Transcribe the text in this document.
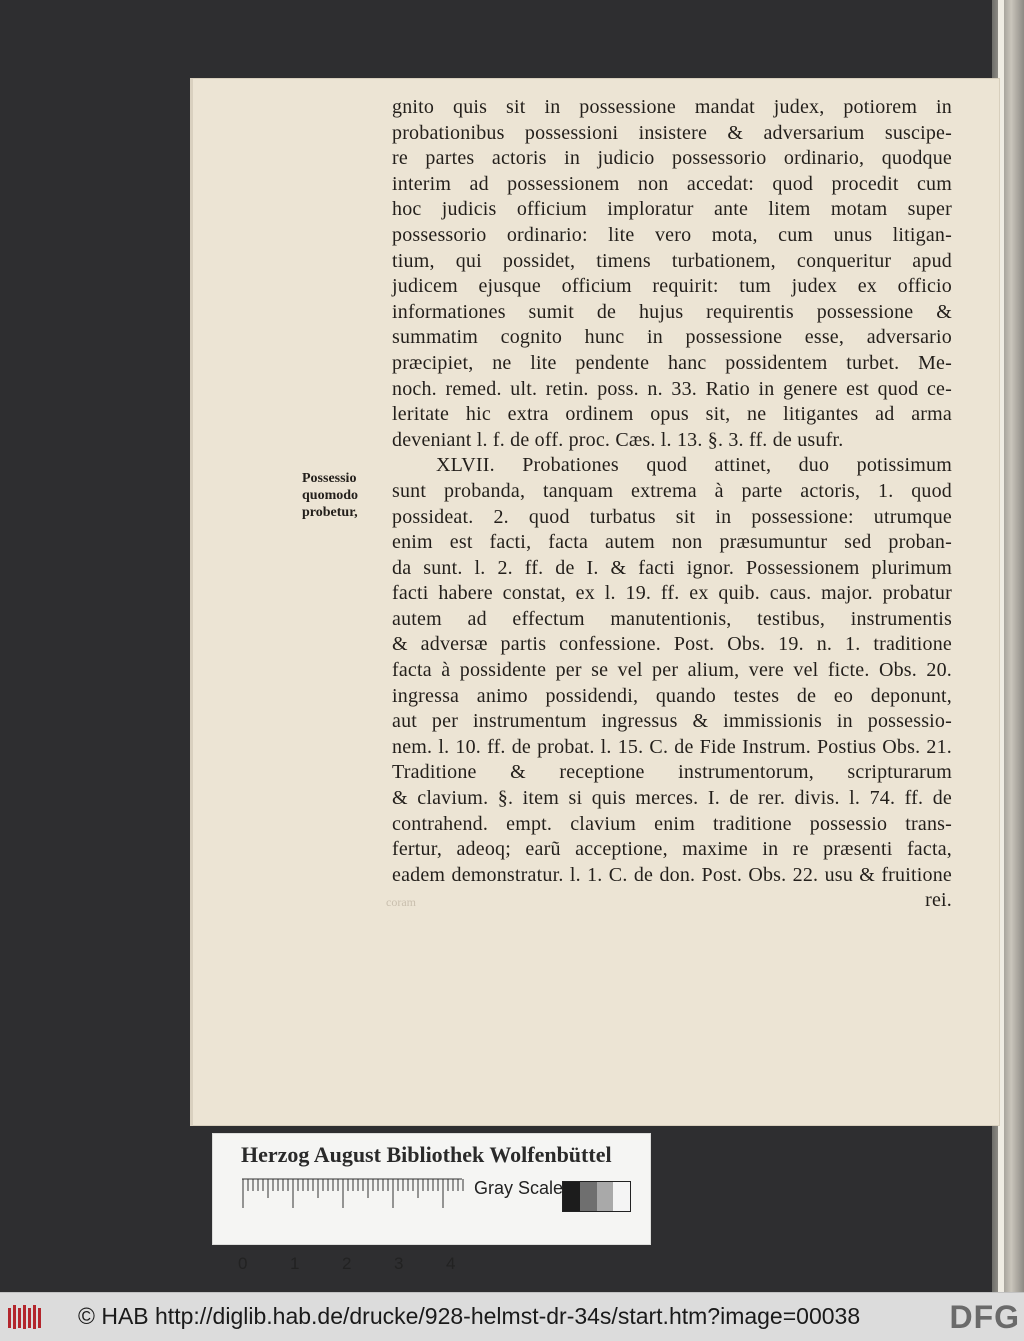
Possessio
quomodo
probetur,
gnito quis sit in possessione mandat judex, potiorem in
probationibus possessioni insistere & adversarium suscipe-
re partes actoris in judicio possessorio ordinario, quodque
interim ad possessionem non accedat: quod procedit cum
hoc judicis officium imploratur ante litem motam super
possessorio ordinario: lite vero mota, cum unus litigan-
tium, qui possidet, timens turbationem, conqueritur apud
judicem ejusque officium requirit: tum judex ex officio
informationes sumit de hujus requirentis possessione &
summatim cognito hunc in possessione esse, adversario
præcipiet, ne lite pendente hanc possidentem turbet. Me-
noch. remed. ult. retin. poss. n. 33. Ratio in genere est quod ce-
leritate hic extra ordinem opus sit, ne litigantes ad arma
deveniant l. f. de off. proc. Cæs. l. 13. §. 3. ff. de usufr.
XLVII. Probationes quod attinet, duo potissimum
sunt probanda, tanquam extrema à parte actoris, 1. quod
possideat. 2. quod turbatus sit in possessione: utrumque
enim est facti, facta autem non præsumuntur sed proban-
da sunt. l. 2. ff. de I. & facti ignor. Possessionem plurimum
facti habere constat, ex l. 19. ff. ex quib. caus. major. probatur
autem ad effectum manutentionis, testibus, instrumentis
& adversæ partis confessione. Post. Obs. 19. n. 1. traditione
facta à possidente per se vel per alium, vere vel ficte. Obs. 20.
ingressa animo possidendi, quando testes de eo deponunt,
aut per instrumentum ingressus & immissionis in possessio-
nem. l. 10. ff. de probat. l. 15. C. de Fide Instrum. Postius Obs. 21.
Traditione & receptione instrumentorum, scripturarum
& clavium. §. item si quis merces. I. de rer. divis. l. 74. ff. de
contrahend. empt. clavium enim traditione possessio trans-
fertur, adeoq; earũ acceptione, maxime in re præsenti facta,
eadem demonstratur. l. 1. C. de don. Post. Obs. 22. usu & fruitione
rei.
coram
Herzog August Bibliothek Wolfenbüttel
0	1	2	3	4
Gray Scale
© HAB http://diglib.hab.de/drucke/928-helmst-dr-34s/start.htm?image=00038	DFG
